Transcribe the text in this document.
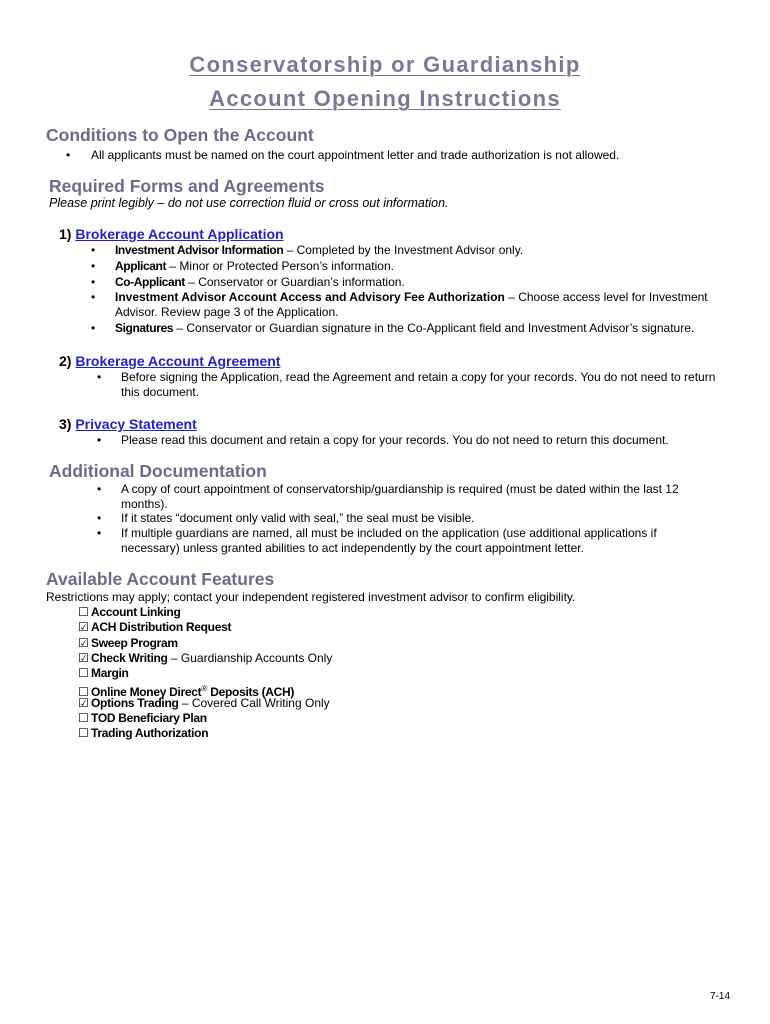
Conservatorship or Guardianship
Account Opening Instructions
Conditions to Open the Account
• All applicants must be named on the court appointment letter and trade authorization is not allowed.
Required Forms and Agreements
Please print legibly – do not use correction fluid or cross out information.
1) Brokerage Account Application
• Investment Advisor Information – Completed by the Investment Advisor only.
• Applicant – Minor or Protected Person’s information.
• Co-Applicant – Conservator or Guardian’s information.
• Investment Advisor Account Access and Advisory Fee Authorization – Choose access level for Investment Advisor. Review page 3 of the Application.
• Signatures – Conservator or Guardian signature in the Co-Applicant field and Investment Advisor’s signature.
2) Brokerage Account Agreement
• Before signing the Application, read the Agreement and retain a copy for your records. You do not need to return this document.
3) Privacy Statement
• Please read this document and retain a copy for your records. You do not need to return this document.
Additional Documentation
• A copy of court appointment of conservatorship/guardianship is required (must be dated within the last 12 months).
• If it states “document only valid with seal,” the seal must be visible.
• If multiple guardians are named, all must be included on the application (use additional applications if necessary) unless granted abilities to act independently by the court appointment letter.
Available Account Features
Restrictions may apply; contact your independent registered investment advisor to confirm eligibility.
☐ Account Linking
☑ ACH Distribution Request
☑ Sweep Program
☑ Check Writing – Guardianship Accounts Only
☐ Margin
☐ Online Money Direct® Deposits (ACH)
☑ Options Trading – Covered Call Writing Only
☐ TOD Beneficiary Plan
☐ Trading Authorization
7-14
